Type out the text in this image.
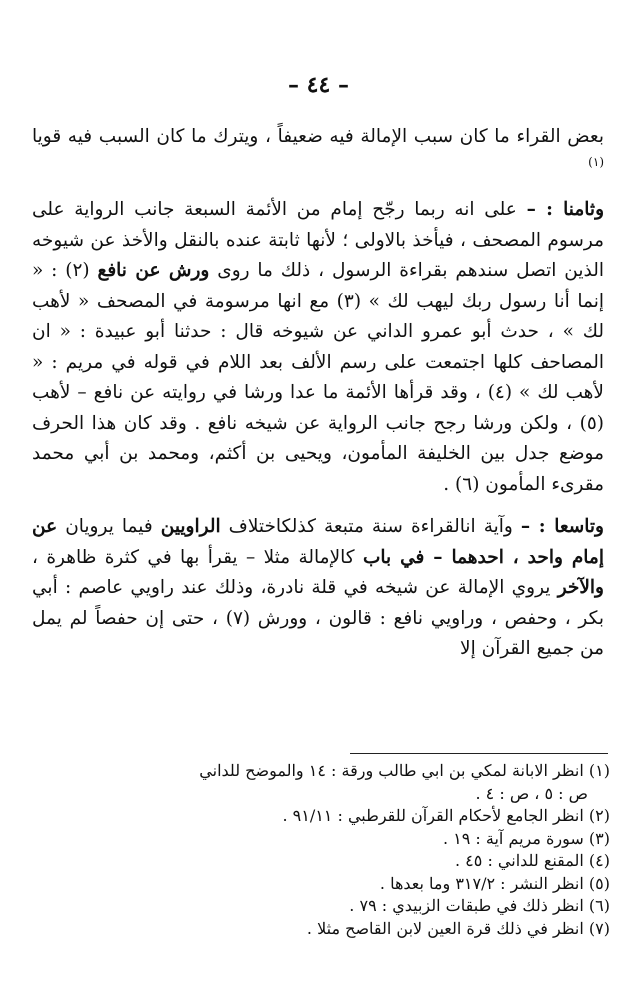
– ٤٤ –

بعض القراء ما كان سبب الإمالة فيه ضعيفاً ، ويترك ما كان السبب فيه قويا $^{(١)}$

وثامنا : – على انه ربما رجّح إمام من الأئمة السبعة جانب الرواية على مرسوم المصحف ، فيأخذ بالاولى ؛ لأنها ثابتة عنده بالنقل والأخذ عن شيوخه الذين اتصل سندهم بقراءة الرسول ، ذلك ما روى ورش عن نافع (٢) : « إنما أنا رسول ربك ليهب لك » (٣) مع انها مرسومة في المصحف « لأهب لك » ، حدث أبو عمرو الداني عن شيوخه قال : حدثنا أبو عبيدة : « ان المصاحف كلها اجتمعت على رسم الألف بعد اللام في قوله في مريم : « لأهب لك » (٤) ، وقد قرأها الأئمة ما عدا ورشا في روايته عن نافع – لأهب (٥) ، ولكن ورشا رجح جانب الرواية عن شيخه نافع . وقد كان هذا الحرف موضع جدل بين الخليفة المأمون، ويحيى بن أكثم، ومحمد بن أبي محمد مقرىء المأمون (٦) .

وتاسعا : – وآية انالقراءة سنة متبعة كذلكاختلاف الراويين فيما يرويان عن إمام واحد ، احدهما – في باب كالإمالة مثلا – يقرأ بها في كثرة ظاهرة ، والآخر يروي الإمالة عن شيخه في قلة نادرة، وذلك عند راويي عاصم : أبي بكر ، وحفص ، وراويي نافع : قالون ، وورش (٧) ، حتى إن حفصاً لم يمل من جميع القرآن إلا

(١) انظر الابانة لمكي بن ابي طالب ورقة : ١٤ والموضح للداني

ص : ٥ ، ص : ٤ .

(٢) انظر الجامع لأحكام القرآن للقرطبي : ٩١/١١ .

(٣) سورة مريم آية : ١٩ .

(٤) المقنع للداني : ٤٥ .

(٥) انظر النشر : ٣١٧/٢ وما بعدها .

(٦) انظر ذلك في طبقات الزبيدي : ٧٩ .

(٧) انظر في ذلك قرة العين لابن القاصح مثلا .
